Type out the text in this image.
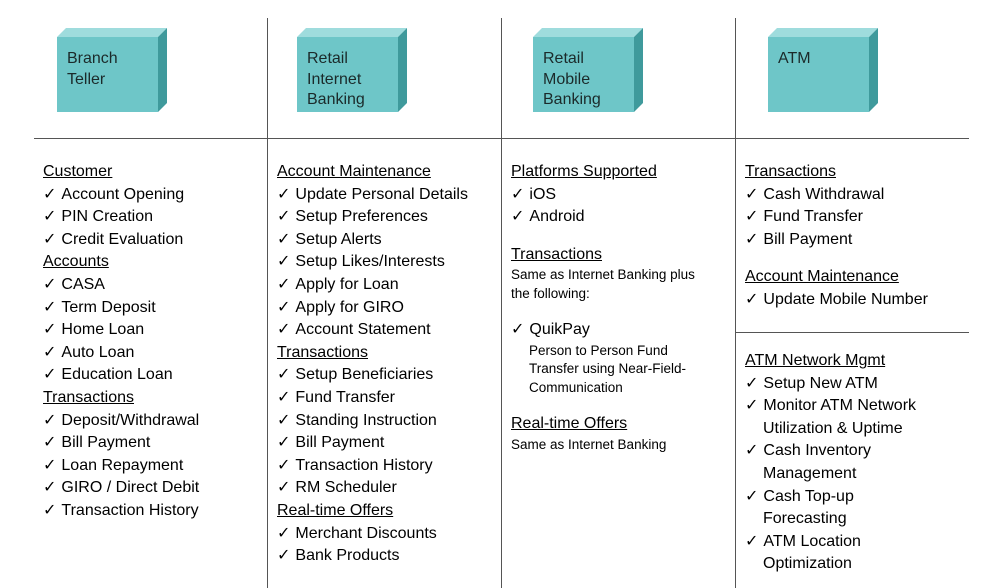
Branch
Teller
Retail
Internet
Banking
Retail
Mobile
Banking
ATM
Customer
✓ Account Opening
✓ PIN Creation
✓ Credit Evaluation
Accounts
✓ CASA
✓ Term Deposit
✓ Home Loan
✓ Auto Loan
✓ Education Loan
Transactions
✓ Deposit/Withdrawal
✓ Bill Payment
✓ Loan Repayment
✓ GIRO / Direct Debit
✓ Transaction History
Account Maintenance
✓ Update Personal Details
✓ Setup Preferences
✓ Setup Alerts
✓ Setup Likes/Interests
✓ Apply for Loan
✓ Apply for GIRO
✓ Account Statement
Transactions
✓ Setup Beneficiaries
✓ Fund Transfer
✓ Standing Instruction
✓ Bill Payment
✓ Transaction History
✓ RM Scheduler
Real-time Offers
✓ Merchant Discounts
✓ Bank Products
Platforms Supported
✓ iOS
✓ Android
Transactions
Same as Internet Banking plus
the following:
✓ QuikPay
Person to Person Fund
Transfer using Near-Field-
Communication
Real-time Offers
Same as Internet Banking
Transactions
✓ Cash Withdrawal
✓ Fund Transfer
✓ Bill Payment
Account Maintenance
✓ Update Mobile Number
ATM Network Mgmt
✓ Setup New ATM
✓ Monitor ATM Network
Utilization & Uptime
✓ Cash Inventory
Management
✓ Cash Top-up
Forecasting
✓ ATM Location
Optimization
